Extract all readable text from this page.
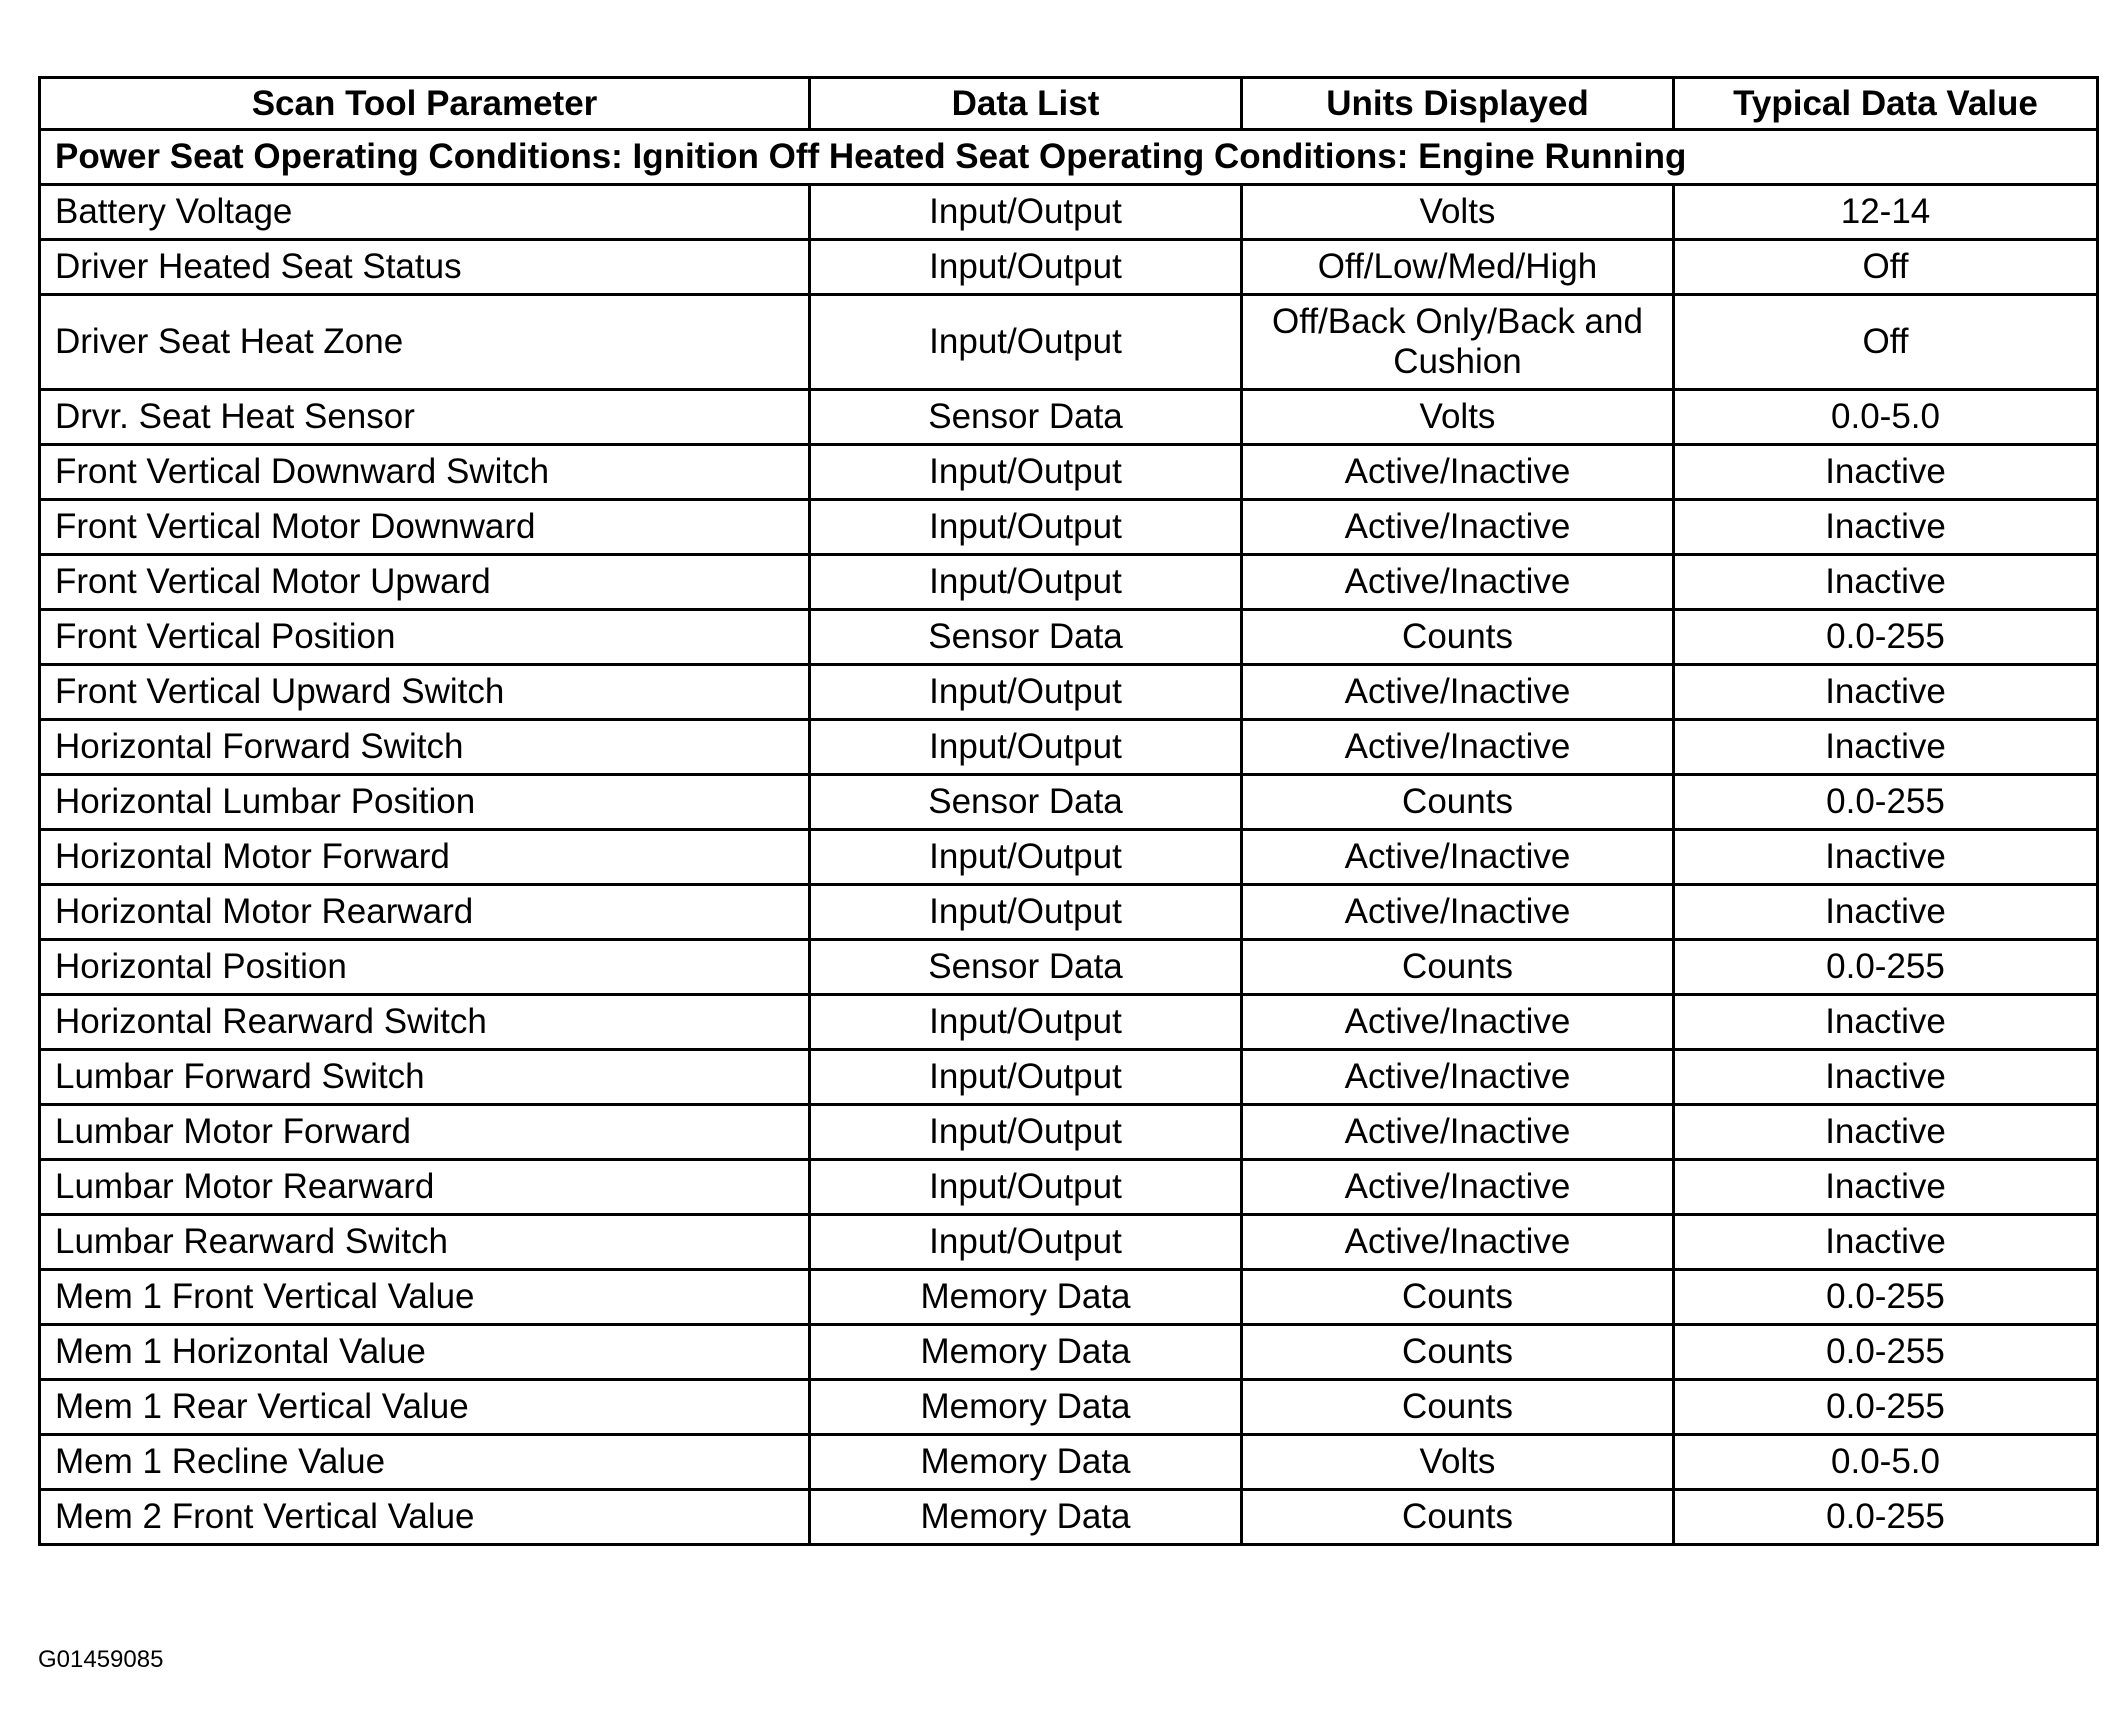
Scan Tool Parameter	Data List	Units Displayed	Typical Data Value
Power Seat Operating Conditions: Ignition Off Heated Seat Operating Conditions: Engine Running			
Battery Voltage	Input/Output	Volts	12-14
Driver Heated Seat Status	Input/Output	Off/Low/Med/High	Off
Driver Seat Heat Zone	Input/Output	Off/Back Only/Back and Cushion	Off
Drvr. Seat Heat Sensor	Sensor Data	Volts	0.0-5.0
Front Vertical Downward Switch	Input/Output	Active/Inactive	Inactive
Front Vertical Motor Downward	Input/Output	Active/Inactive	Inactive
Front Vertical Motor Upward	Input/Output	Active/Inactive	Inactive
Front Vertical Position	Sensor Data	Counts	0.0-255
Front Vertical Upward Switch	Input/Output	Active/Inactive	Inactive
Horizontal Forward Switch	Input/Output	Active/Inactive	Inactive
Horizontal Lumbar Position	Sensor Data	Counts	0.0-255
Horizontal Motor Forward	Input/Output	Active/Inactive	Inactive
Horizontal Motor Rearward	Input/Output	Active/Inactive	Inactive
Horizontal Position	Sensor Data	Counts	0.0-255
Horizontal Rearward Switch	Input/Output	Active/Inactive	Inactive
Lumbar Forward Switch	Input/Output	Active/Inactive	Inactive
Lumbar Motor Forward	Input/Output	Active/Inactive	Inactive
Lumbar Motor Rearward	Input/Output	Active/Inactive	Inactive
Lumbar Rearward Switch	Input/Output	Active/Inactive	Inactive
Mem 1 Front Vertical Value	Memory Data	Counts	0.0-255
Mem 1 Horizontal Value	Memory Data	Counts	0.0-255
Mem 1 Rear Vertical Value	Memory Data	Counts	0.0-255
Mem 1 Recline Value	Memory Data	Volts	0.0-5.0
Mem 2 Front Vertical Value	Memory Data	Counts	0.0-255
G01459085
